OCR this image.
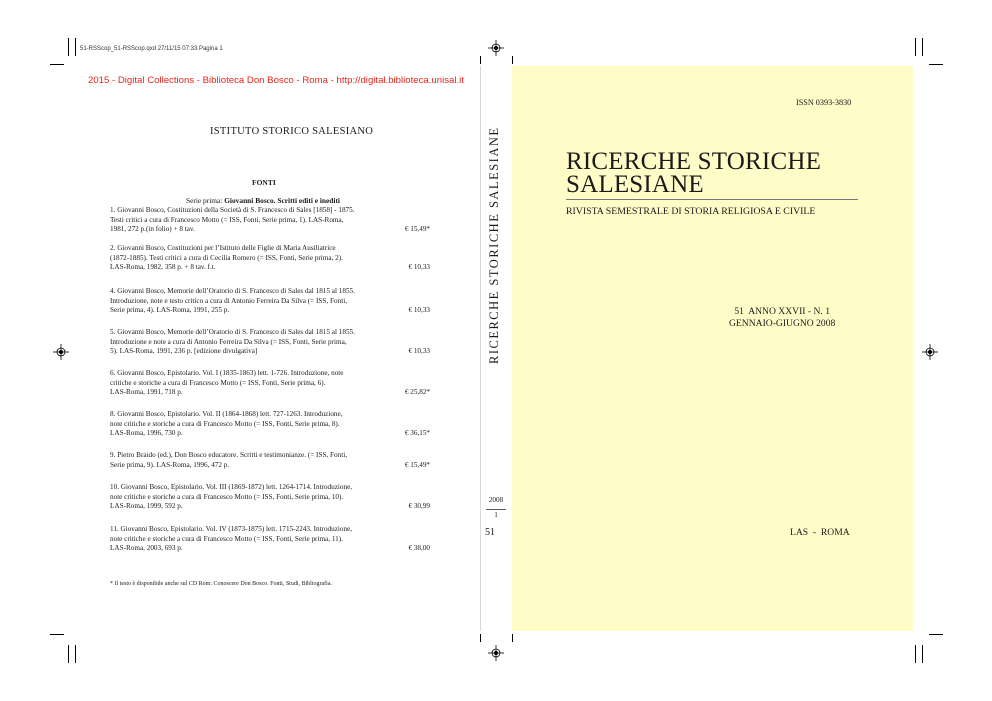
51-RSScop_51-RSScop.qxd 27/11/15 07:33 Pagina 1
2015 - Digital Collections - Biblioteca Don Bosco - Roma - http://digital.biblioteca.unisal.it
ISTITUTO STORICO SALESIANO
FONTI
Serie prima: Giovanni Bosco. Scritti editi e inediti
1. Giovanni Bosco, Costituzioni della Società di S. Francesco di Sales [1858] - 1875.
Testi critici a cura di Francesco Motto (= ISS, Fonti, Serie prima, 1). LAS-Roma,
1981, 272 p.(in folio) + 8 tav.	€ 15,49*
2. Giovanni Bosco, Costituzioni per l’Istituto delle Figlie di Maria Ausiliatrice
(1872-1885). Testi critici a cura di Cecilia Romero (= ISS, Fonti, Serie prima, 2).
LAS-Roma, 1982, 358 p. + 8 tav. f.t.	€ 10,33
4. Giovanni Bosco, Memorie dell’Oratorio di S. Francesco di Sales dal 1815 al 1855.
Introduzione, note e testo critico a cura di Antonio Ferreira Da Silva (= ISS, Fonti,
Serie prima, 4). LAS-Roma, 1991, 255 p.	€ 10,33
5. Giovanni Bosco, Memorie dell’Oratorio di S. Francesco di Sales dal 1815 al 1855.
Introduzione e note a cura di Antonio Ferreira Da Silva (= ISS, Fonti, Serie prima,
5). LAS-Roma, 1991, 236 p. [edizione divulgativa]	€ 10,33
6. Giovanni Bosco, Epistolario. Vol. I (1835-1863) lett. 1-726. Introduzione, note
critiche e storiche a cura di Francesco Motto (= ISS, Fonti, Serie prima, 6).
LAS-Roma, 1991, 718 p.	€ 25,82*
8. Giovanni Bosco, Epistolario. Vol. II (1864-1868) lett. 727-1263. Introduzione,
note critiche e storiche a cura di Francesco Motto (= ISS, Fonti, Serie prima, 8).
LAS-Roma, 1996, 730 p.	€ 36,15*
9. Pietro Braido (ed.), Don Bosco educatore. Scritti e testimonianze. (= ISS, Fonti,
Serie prima, 9). LAS-Roma, 1996, 472 p.	€ 15,49*
10. Giovanni Bosco, Epistolario. Vol. III (1869-1872) lett. 1264-1714. Introduzione,
note critiche e storiche a cura di Francesco Motto (= ISS, Fonti, Serie prima, 10).
LAS-Roma, 1999, 592 p.	€ 30,99
11. Giovanni Bosco, Epistolario. Vol. IV (1873-1875) lett. 1715-2243. Introduzione,
note critiche e storiche a cura di Francesco Motto (= ISS, Fonti, Serie prima, 11).
LAS-Roma, 2003, 693 p.	€ 38,00
* Il testo è disponibile anche sul CD Rom: Conoscere Don Bosco. Fonti, Studi, Bibliografia.
RICERCHE STORICHE SALESIANE
2008
1
51
ISSN 0393-3830
RICERCHE STORICHE
SALESIANE
RIVISTA SEMESTRALE DI STORIA RELIGIOSA E CIVILE
51  ANNO XXVII - N. 1
GENNAIO-GIUGNO 2008
LAS  -  ROMA
